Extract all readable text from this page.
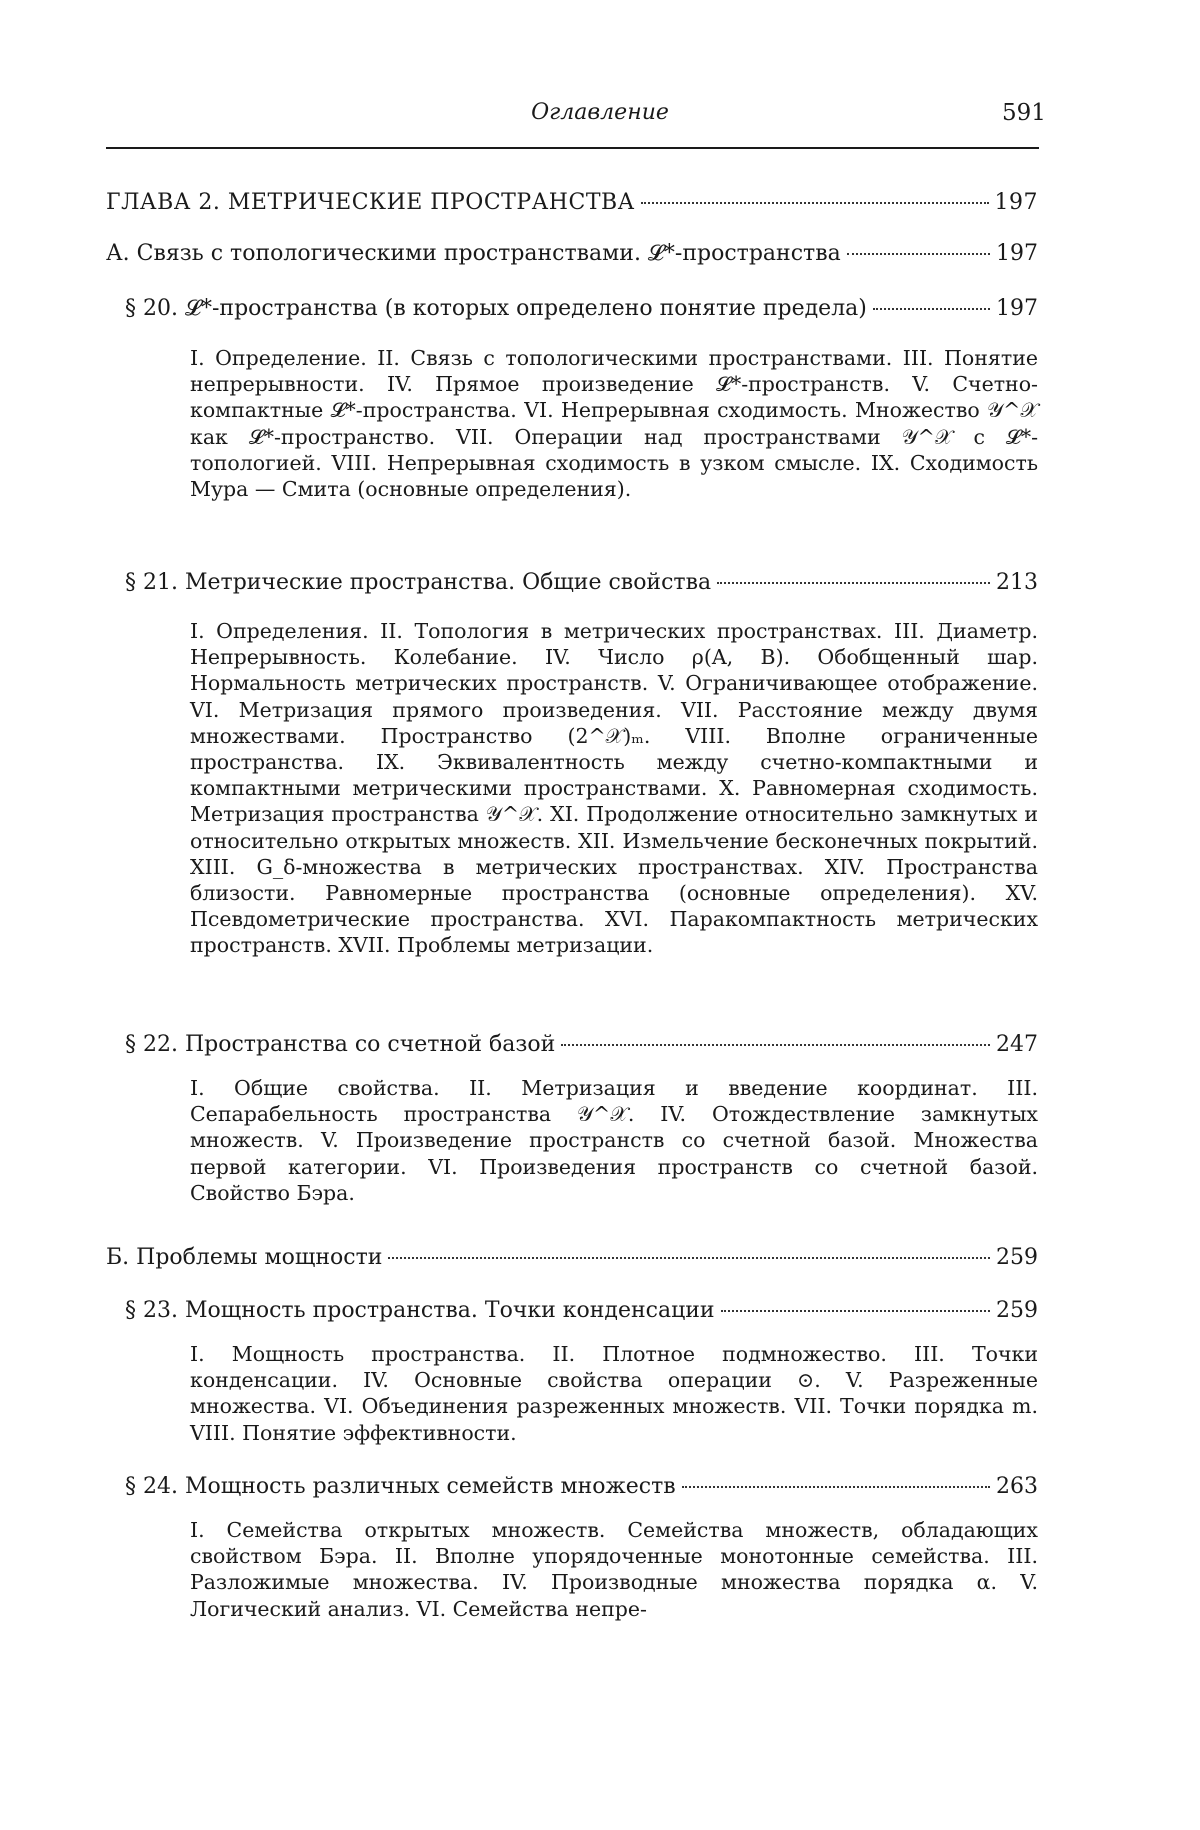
Оглавление	591
ГЛАВА 2. МЕТРИЧЕСКИЕ ПРОСТРАНСТВА	197
А. Связь с топологическими пространствами. 𝓛*-пространства	197
§ 20. 𝓛*-пространства (в которых определено понятие предела)	197
I. Определение. II. Связь с топологическими пространствами. III. Понятие непрерывности. IV. Прямое произведение 𝓛*-пространств. V. Счетно-компактные 𝓛*-пространства. VI. Непрерывная сходимость. Множество 𝒴^𝒳 как 𝓛*-пространство. VII. Операции над пространствами 𝒴^𝒳 с 𝓛*-топологией. VIII. Непрерывная сходимость в узком смысле. IX. Сходимость Мура — Смита (основные определения).
§ 21. Метрические пространства. Общие свойства	213
I. Определения. II. Топология в метрических пространствах. III. Диаметр. Непрерывность. Колебание. IV. Число ρ(A, B). Обобщенный шар. Нормальность метрических пространств. V. Ограничивающее отображение. VI. Метризация прямого произведения. VII. Расстояние между двумя множествами. Пространство (2^𝒳)ₘ. VIII. Вполне ограниченные пространства. IX. Эквивалентность между счетно-компактными и компактными метрическими пространствами. X. Равномерная сходимость. Метризация пространства 𝒴^𝒳. XI. Продолжение относительно замкнутых и относительно открытых множеств. XII. Измельчение бесконечных покрытий. XIII. G_δ-множества в метрических пространствах. XIV. Пространства близости. Равномерные пространства (основные определения). XV. Псевдометрические пространства. XVI. Паракомпактность метрических пространств. XVII. Проблемы метризации.
§ 22. Пространства со счетной базой	247
I. Общие свойства. II. Метризация и введение координат. III. Сепарабельность пространства 𝒴^𝒳. IV. Отождествление замкнутых множеств. V. Произведение пространств со счетной базой. Множества первой категории. VI. Произведения пространств со счетной базой. Свойство Бэра.
Б. Проблемы мощности	259
§ 23. Мощность пространства. Точки конденсации	259
I. Мощность пространства. II. Плотное подмножество. III. Точки конденсации. IV. Основные свойства операции ⊙. V. Разреженные множества. VI. Объединения разреженных множеств. VII. Точки порядка m. VIII. Понятие эффективности.
§ 24. Мощность различных семейств множеств	263
I. Семейства открытых множеств. Семейства множеств, обладающих свойством Бэра. II. Вполне упорядоченные монотонные семейства. III. Разложимые множества. IV. Производные множества порядка α. V. Логический анализ. VI. Семейства непре-
